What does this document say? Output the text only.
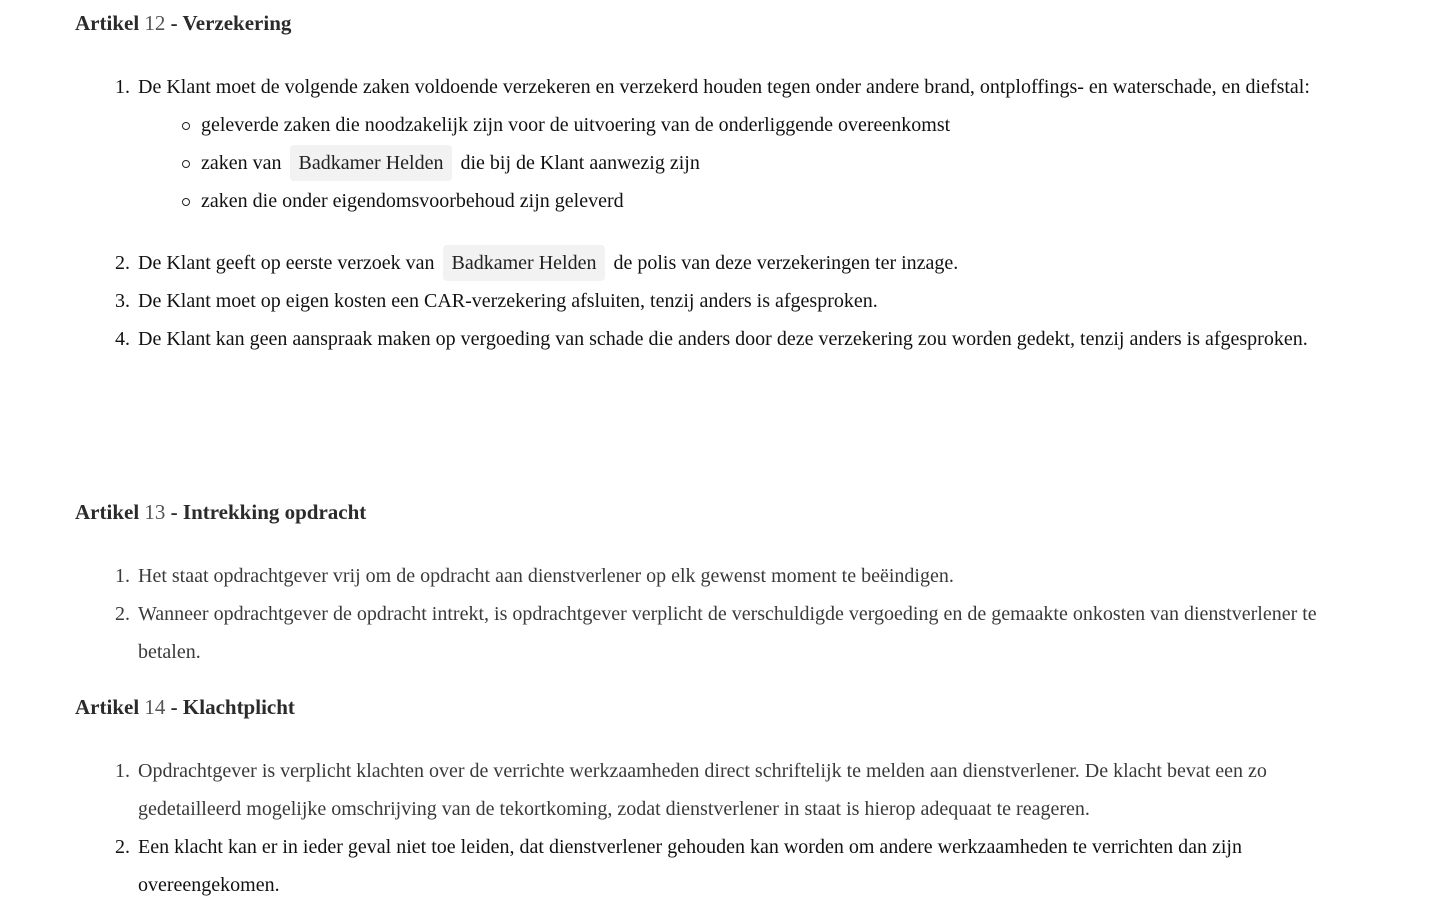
Artikel 12 - Verzekering
De Klant moet de volgende zaken voldoende verzekeren en verzekerd houden tegen onder andere brand, ontploffings- en waterschade, en diefstal:
geleverde zaken die noodzakelijk zijn voor de uitvoering van de onderliggende overeenkomst
zaken van Badkamer Helden die bij de Klant aanwezig zijn
zaken die onder eigendomsvoorbehoud zijn geleverd
De Klant geeft op eerste verzoek van Badkamer Helden de polis van deze verzekeringen ter inzage.
De Klant moet op eigen kosten een CAR-verzekering afsluiten, tenzij anders is afgesproken.
De Klant kan geen aanspraak maken op vergoeding van schade die anders door deze verzekering zou worden gedekt, tenzij anders is afgesproken.
Artikel 13 - Intrekking opdracht
Het staat opdrachtgever vrij om de opdracht aan dienstverlener op elk gewenst moment te beëindigen.
Wanneer opdrachtgever de opdracht intrekt, is opdrachtgever verplicht de verschuldigde vergoeding en de gemaakte onkosten van dienstverlener te betalen.
Artikel 14 - Klachtplicht
Opdrachtgever is verplicht klachten over de verrichte werkzaamheden direct schriftelijk te melden aan dienstverlener. De klacht bevat een zo gedetailleerd mogelijke omschrijving van de tekortkoming, zodat dienstverlener in staat is hierop adequaat te reageren.
Een klacht kan er in ieder geval niet toe leiden, dat dienstverlener gehouden kan worden om andere werkzaamheden te verrichten dan zijn overeengekomen.
